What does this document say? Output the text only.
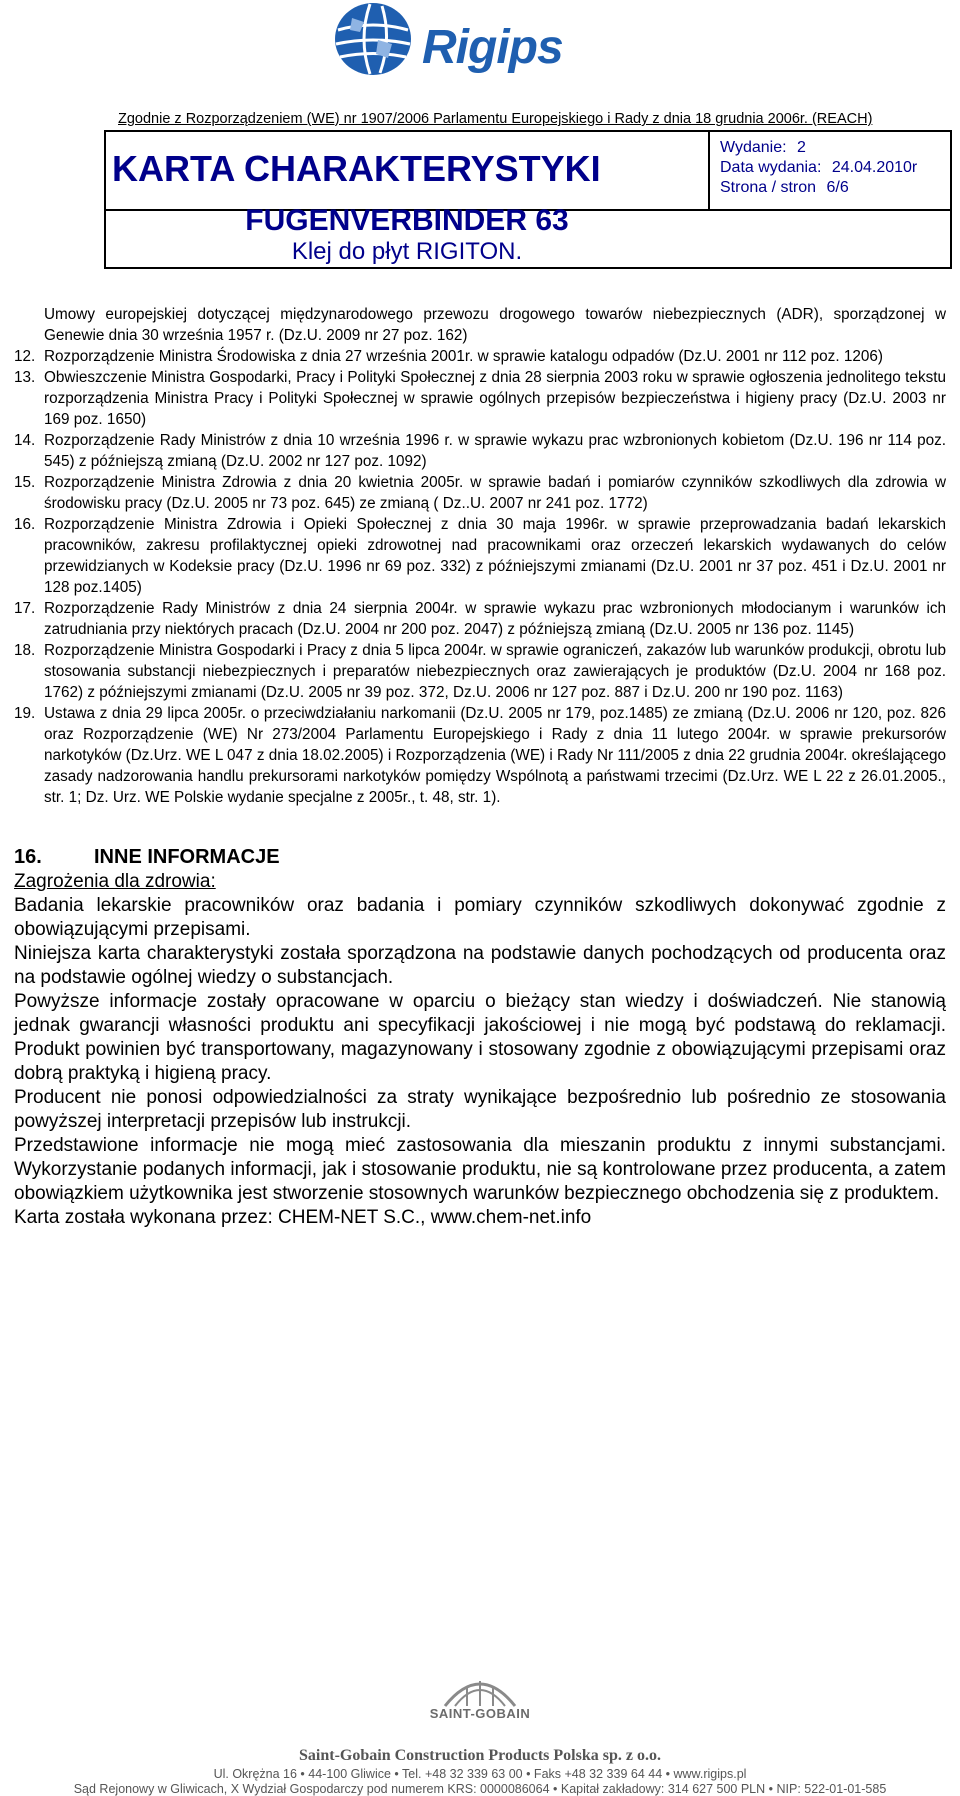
Rigips
Zgodnie z Rozporządzeniem (WE) nr 1907/2006 Parlamentu Europejskiego i Rady z dnia 18 grudnia 2006r. (REACH)
KARTA CHARAKTERYSTYKI
Wydanie: 2
Data wydania: 24.04.2010r
Strona / stron 6/6
FUGENVERBINDER 63
Klej do płyt RIGITON.

Umowy europejskiej dotyczącej międzynarodowego przewozu drogowego towarów niebezpiecznych (ADR), sporządzonej w Genewie dnia 30 września 1957 r. (Dz.U. 2009 nr 27 poz. 162)

12. Rozporządzenie Ministra Środowiska z dnia 27 września 2001r. w sprawie katalogu odpadów (Dz.U. 2001 nr 112 poz. 1206)
13. Obwieszczenie Ministra Gospodarki, Pracy i Polityki Społecznej z dnia 28 sierpnia 2003 roku w sprawie ogłoszenia jednolitego tekstu rozporządzenia Ministra Pracy i Polityki Społecznej w sprawie ogólnych przepisów bezpieczeństwa i higieny pracy (Dz.U. 2003 nr 169 poz. 1650)
14. Rozporządzenie Rady Ministrów z dnia 10 września 1996 r. w sprawie wykazu prac wzbronionych kobietom (Dz.U. 196 nr 114 poz. 545) z późniejszą zmianą (Dz.U. 2002 nr 127 poz. 1092)
15. Rozporządzenie Ministra Zdrowia z dnia 20 kwietnia 2005r. w sprawie badań i pomiarów czynników szkodliwych dla zdrowia w środowisku pracy (Dz.U. 2005 nr 73 poz. 645) ze zmianą ( Dz..U. 2007 nr 241 poz. 1772)
16. Rozporządzenie Ministra Zdrowia i Opieki Społecznej z dnia 30 maja 1996r. w sprawie przeprowadzania badań lekarskich pracowników, zakresu profilaktycznej opieki zdrowotnej nad pracownikami oraz orzeczeń lekarskich wydawanych do celów przewidzianych w Kodeksie pracy (Dz.U. 1996 nr 69 poz. 332) z późniejszymi zmianami (Dz.U. 2001 nr 37 poz. 451 i Dz.U. 2001 nr 128 poz.1405)
17. Rozporządzenie Rady Ministrów z dnia 24 sierpnia 2004r. w sprawie wykazu prac wzbronionych młodocianym i warunków ich zatrudniania przy niektórych pracach (Dz.U. 2004 nr 200 poz. 2047) z późniejszą zmianą (Dz.U. 2005 nr 136 poz. 1145)
18. Rozporządzenie Ministra Gospodarki i Pracy z dnia 5 lipca 2004r. w sprawie ograniczeń, zakazów lub warunków produkcji, obrotu lub stosowania substancji niebezpiecznych i preparatów niebezpiecznych oraz zawierających je produktów (Dz.U. 2004 nr 168 poz. 1762) z późniejszymi zmianami (Dz.U. 2005 nr 39 poz. 372, Dz.U. 2006 nr 127 poz. 887 i Dz.U. 200 nr 190 poz. 1163)
19. Ustawa z dnia 29 lipca 2005r. o przeciwdziałaniu narkomanii (Dz.U. 2005 nr 179, poz.1485) ze zmianą (Dz.U. 2006 nr 120, poz. 826 oraz Rozporządzenie (WE) Nr 273/2004 Parlamentu Europejskiego i Rady z dnia 11 lutego 2004r. w sprawie prekursorów narkotyków (Dz.Urz. WE L 047 z dnia 18.02.2005) i Rozporządzenia (WE) i Rady Nr 111/2005 z dnia 22 grudnia 2004r. określającego zasady nadzorowania handlu prekursorami narkotyków pomiędzy Wspólnotą a państwami trzecimi (Dz.Urz. WE L 22 z 26.01.2005., str. 1; Dz. Urz. WE Polskie wydanie specjalne z 2005r., t. 48, str. 1).

16.	INNE INFORMACJE

Zagrożenia dla zdrowia:

Badania lekarskie pracowników oraz badania i pomiary czynników szkodliwych dokonywać zgodnie z obowiązującymi przepisami.

Niniejsza karta charakterystyki została sporządzona na podstawie danych pochodzących od producenta oraz na podstawie ogólnej wiedzy o substancjach.

Powyższe informacje zostały opracowane w oparciu o bieżący stan wiedzy i doświadczeń. Nie stanowią jednak gwarancji własności produktu ani specyfikacji jakościowej i nie mogą być podstawą do reklamacji. Produkt powinien być transportowany, magazynowany i stosowany zgodnie z obowiązującymi przepisami oraz dobrą praktyką i higieną pracy.

Producent nie ponosi odpowiedzialności za straty wynikające bezpośrednio lub pośrednio ze stosowania powyższej interpretacji przepisów lub instrukcji.

Przedstawione informacje nie mogą mieć zastosowania dla mieszanin produktu z innymi substancjami. Wykorzystanie podanych informacji, jak i stosowanie produktu, nie są kontrolowane przez producenta, a zatem obowiązkiem użytkownika jest stworzenie stosownych warunków bezpiecznego obchodzenia się z produktem.

Karta została wykonana przez: CHEM-NET S.C., www.chem-net.info

SAINT-GOBAIN
Saint-Gobain Construction Products Polska sp. z o.o.
Ul. Okrężna 16 • 44-100 Gliwice • Tel. +48 32 339 63 00 • Faks +48 32 339 64 44 • www.rigips.pl
Sąd Rejonowy w Gliwicach, X Wydział Gospodarczy pod numerem KRS: 0000086064 • Kapitał zakładowy: 314 627 500 PLN • NIP: 522-01-01-585
